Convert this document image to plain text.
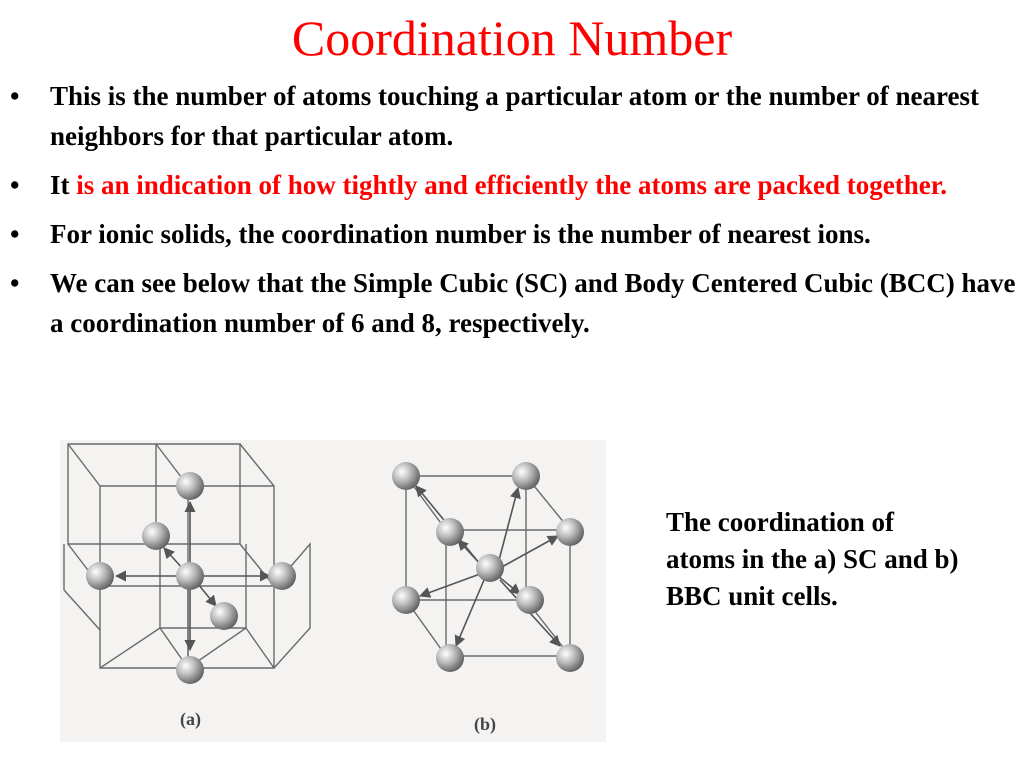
Coordination Number
• This is the number of atoms touching a particular atom or the number of nearest neighbors for that particular atom.
• It is an indication of how tightly and efficiently the atoms are packed together.
• For ionic solids, the coordination number is the number of nearest ions.
• We can see below that the Simple Cubic (SC) and Body Centered Cubic (BCC) have a coordination number of 6 and 8, respectively.
(a)	(b)
The coordination of atoms in the a) SC and b) BBC unit cells.
